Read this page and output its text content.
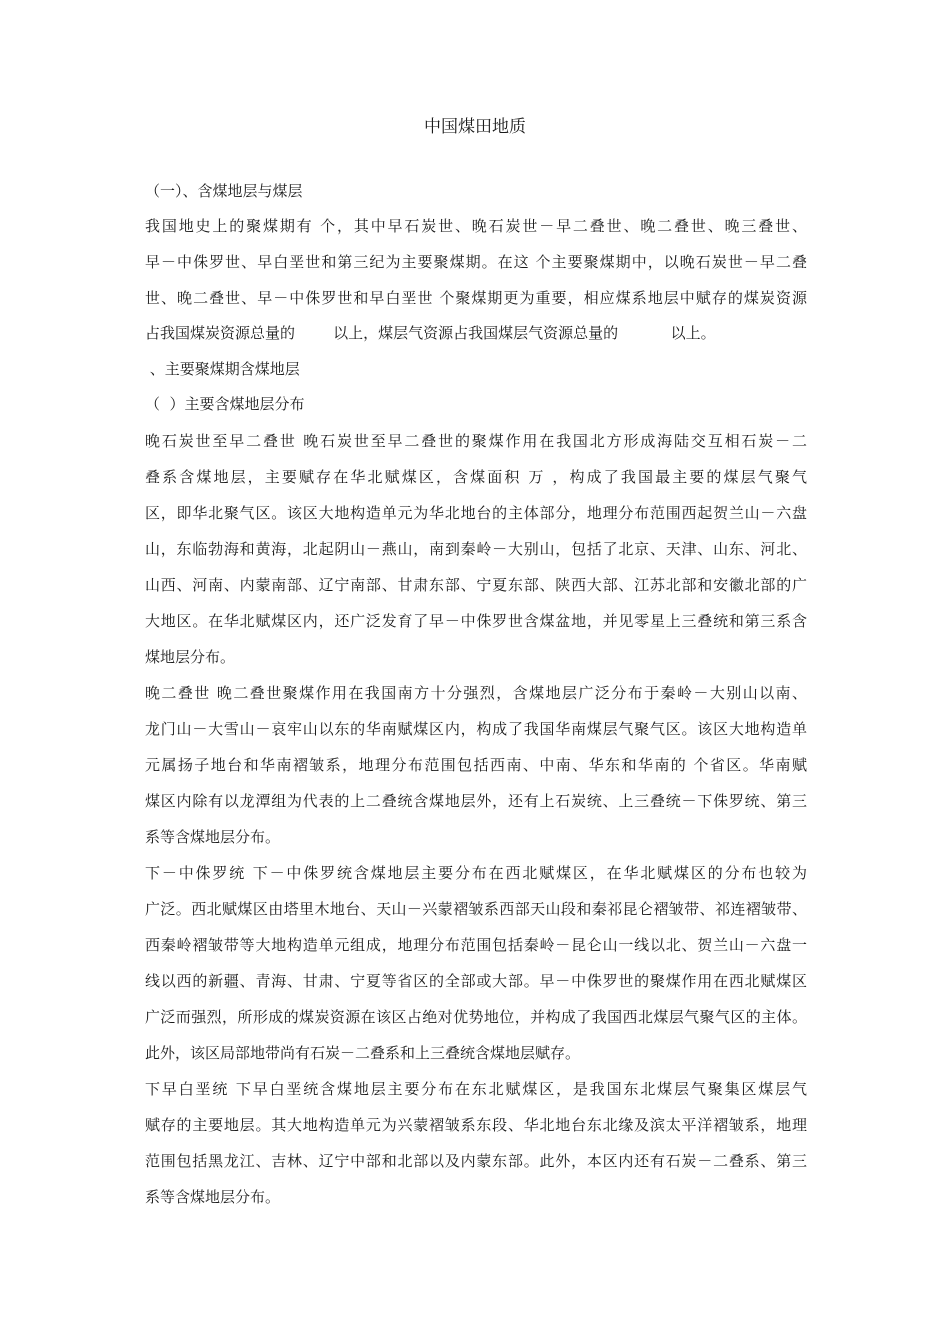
中国煤田地质
（一）、含煤地层与煤层
我国地史上的聚煤期有 个，其中早石炭世、晚石炭世－早二叠世、晚二叠世、晚三叠世、
早－中侏罗世、早白垩世和第三纪为主要聚煤期。在这 个主要聚煤期中，以晚石炭世－早二叠
世、晚二叠世、早－中侏罗世和早白垩世 个聚煤期更为重要，相应煤系地层中赋存的煤炭资源
占我国煤炭资源总量的        以上，煤层气资源占我国煤层气资源总量的           以上。
、主要聚煤期含煤地层
（  ）主要含煤地层分布
晚石炭世至早二叠世 晚石炭世至早二叠世的聚煤作用在我国北方形成海陆交互相石炭－二
叠系含煤地层，主要赋存在华北赋煤区，含煤面积 万 ，构成了我国最主要的煤层气聚气
区，即华北聚气区。该区大地构造单元为华北地台的主体部分，地理分布范围西起贺兰山－六盘
山，东临勃海和黄海，北起阴山－燕山，南到秦岭－大别山，包括了北京、天津、山东、河北、
山西、河南、内蒙南部、辽宁南部、甘肃东部、宁夏东部、陕西大部、江苏北部和安徽北部的广
大地区。在华北赋煤区内，还广泛发育了早－中侏罗世含煤盆地，并见零星上三叠统和第三系含
煤地层分布。
晚二叠世 晚二叠世聚煤作用在我国南方十分强烈，含煤地层广泛分布于秦岭－大别山以南、
龙门山－大雪山－哀牢山以东的华南赋煤区内，构成了我国华南煤层气聚气区。该区大地构造单
元属扬子地台和华南褶皱系，地理分布范围包括西南、中南、华东和华南的 个省区。华南赋
煤区内除有以龙潭组为代表的上二叠统含煤地层外，还有上石炭统、上三叠统－下侏罗统、第三
系等含煤地层分布。
下－中侏罗统 下－中侏罗统含煤地层主要分布在西北赋煤区，在华北赋煤区的分布也较为
广泛。西北赋煤区由塔里木地台、天山－兴蒙褶皱系西部天山段和秦祁昆仑褶皱带、祁连褶皱带、
西秦岭褶皱带等大地构造单元组成，地理分布范围包括秦岭－昆仑山一线以北、贺兰山－六盘一
线以西的新疆、青海、甘肃、宁夏等省区的全部或大部。早－中侏罗世的聚煤作用在西北赋煤区
广泛而强烈，所形成的煤炭资源在该区占绝对优势地位，并构成了我国西北煤层气聚气区的主体。
此外，该区局部地带尚有石炭－二叠系和上三叠统含煤地层赋存。
下早白垩统 下早白垩统含煤地层主要分布在东北赋煤区，是我国东北煤层气聚集区煤层气
赋存的主要地层。其大地构造单元为兴蒙褶皱系东段、华北地台东北缘及滨太平洋褶皱系，地理
范围包括黑龙江、吉林、辽宁中部和北部以及内蒙东部。此外，本区内还有石炭－二叠系、第三
系等含煤地层分布。
